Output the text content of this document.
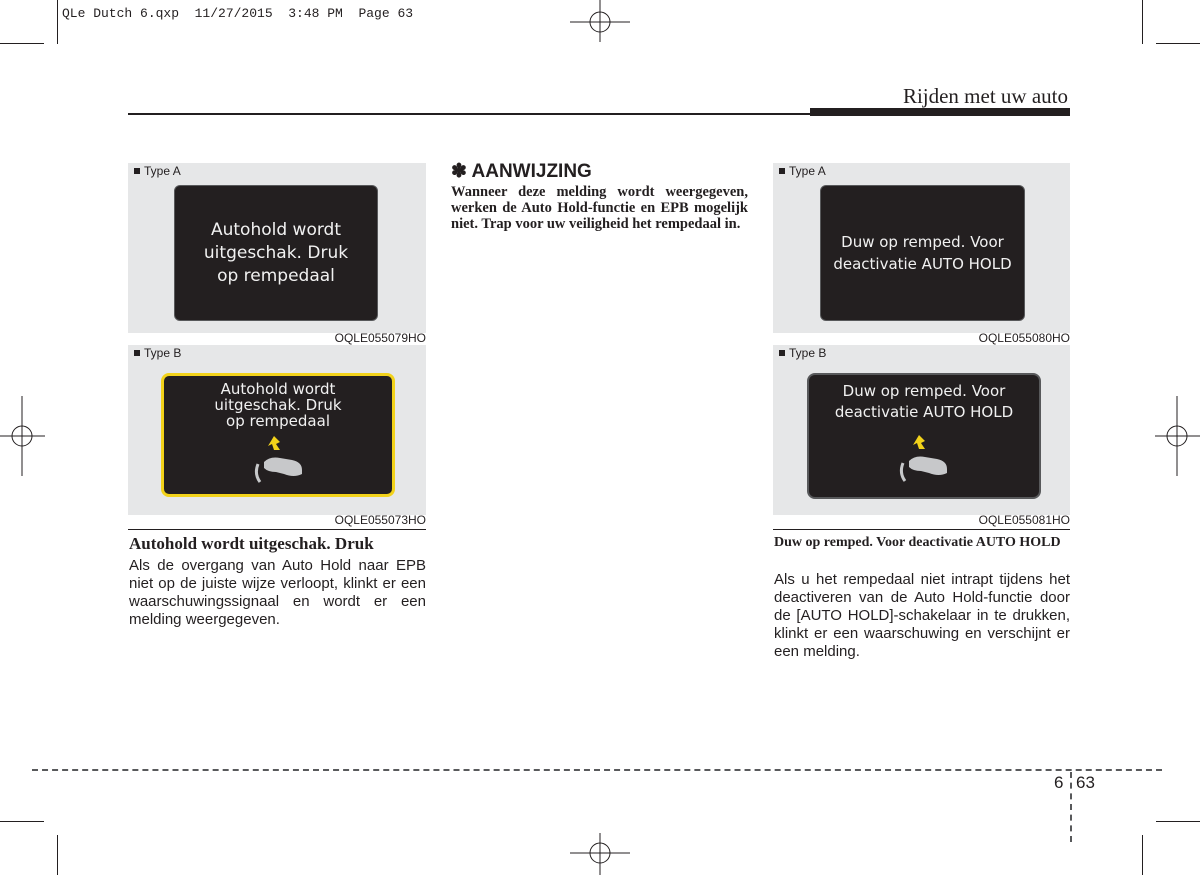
QLe Dutch 6.qxp  11/27/2015  3:48 PM  Page 63
Rijden met uw auto
Type A
Autohold wordt
uitgeschak. Druk
op rempedaal
OQLE055079HO
Type B
Autohold wordt
uitgeschak. Druk
op rempedaal
OQLE055073HO
Autohold wordt uitgeschak. Druk
Als de overgang van Auto Hold naar EPB niet op de juiste wijze verloopt, klinkt er een waarschuwingssignaal en wordt er een melding weergegeven.
✽ AANWIJZING
Wanneer deze melding wordt weergegeven, werken de Auto Hold-functie en EPB mogelijk niet. Trap voor uw veiligheid het rempedaal in.
Type A
Duw op remped. Voor
deactivatie AUTO HOLD
OQLE055080HO
Type B
Duw op remped. Voor
deactivatie AUTO HOLD
OQLE055081HO
Duw op remped. Voor deactivatie AUTO HOLD
Als u het rempedaal niet intrapt tijdens het deactiveren van de Auto Hold-functie door de [AUTO HOLD]-schakelaar in te drukken, klinkt er een waarschuwing en verschijnt er een melding.
6 63
